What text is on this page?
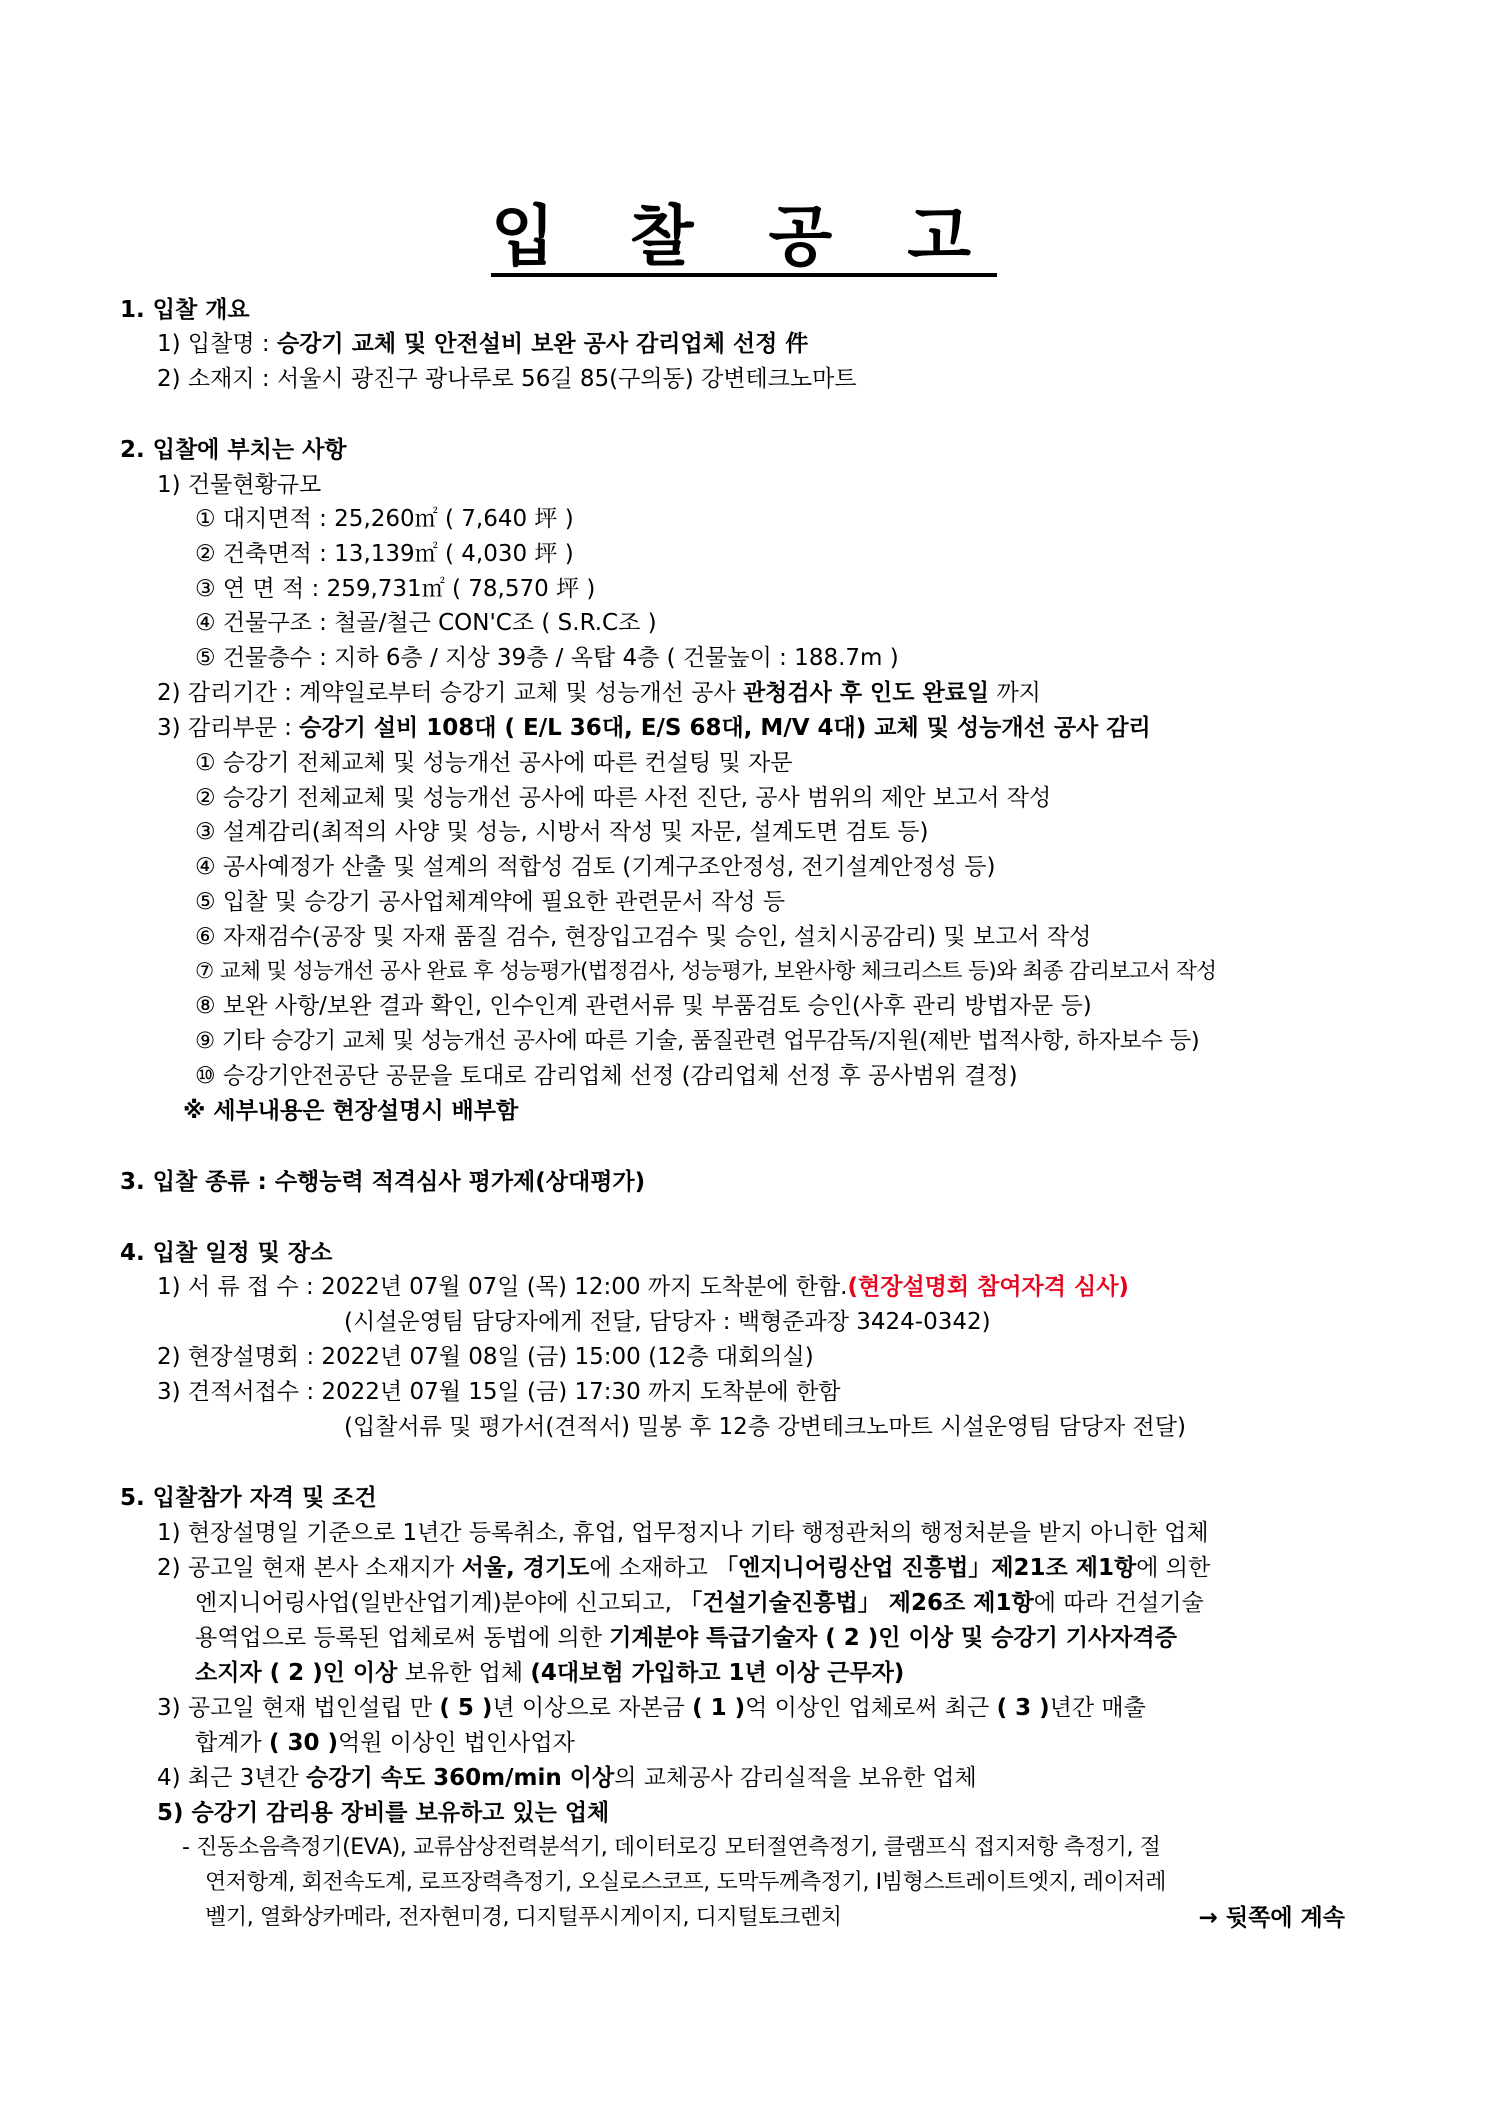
입 찰 공 고
1. 입찰 개요
1) 입찰명 : 승강기 교체 및 안전설비 보완 공사 감리업체 선정 件
2) 소재지 : 서울시 광진구 광나루로 56길 85(구의동) 강변테크노마트
2. 입찰에 부치는 사항
1) 건물현황규모
① 대지면적 : 25,260㎡ ( 7,640 坪 )
② 건축면적 : 13,139㎡ ( 4,030 坪 )
③ 연 면 적 : 259,731㎡ ( 78,570 坪 )
④ 건물구조 : 철골/철근 CON'C조 ( S.R.C조 )
⑤ 건물층수 : 지하 6층 / 지상 39층 / 옥탑 4층 ( 건물높이 : 188.7m )
2) 감리기간 : 계약일로부터 승강기 교체 및 성능개선 공사 관청검사 후 인도 완료일 까지
3) 감리부문 : 승강기 설비 108대 ( E/L 36대, E/S 68대, M/V 4대) 교체 및 성능개선 공사 감리
① 승강기 전체교체 및 성능개선 공사에 따른 컨설팅 및 자문
② 승강기 전체교체 및 성능개선 공사에 따른 사전 진단, 공사 범위의 제안 보고서 작성
③ 설계감리(최적의 사양 및 성능, 시방서 작성 및 자문, 설계도면 검토 등)
④ 공사예정가 산출 및 설계의 적합성 검토 (기계구조안정성, 전기설계안정성 등)
⑤ 입찰 및 승강기 공사업체계약에 필요한 관련문서 작성 등
⑥ 자재검수(공장 및 자재 품질 검수, 현장입고검수 및 승인, 설치시공감리) 및 보고서 작성
⑦ 교체 및 성능개선 공사 완료 후 성능평가(법정검사, 성능평가, 보완사항 체크리스트 등)와 최종 감리보고서 작성
⑧ 보완 사항/보완 결과 확인, 인수인계 관련서류 및 부품검토 승인(사후 관리 방법자문 등)
⑨ 기타 승강기 교체 및 성능개선 공사에 따른 기술, 품질관련 업무감독/지원(제반 법적사항, 하자보수 등)
⑩ 승강기안전공단 공문을 토대로 감리업체 선정 (감리업체 선정 후 공사범위 결정)
※ 세부내용은 현장설명시 배부함
3. 입찰 종류 : 수행능력 적격심사 평가제(상대평가)
4. 입찰 일정 및 장소
1) 서 류 접 수 : 2022년 07월 07일 (목) 12:00 까지 도착분에 한함.(현장설명회 참여자격 심사)
(시설운영팀 담당자에게 전달, 담당자 : 백형준과장 3424-0342)
2) 현장설명회 : 2022년 07월 08일 (금) 15:00 (12층 대회의실)
3) 견적서접수 : 2022년 07월 15일 (금) 17:30 까지 도착분에 한함
(입찰서류 및 평가서(견적서) 밀봉 후 12층 강변테크노마트 시설운영팀 담당자 전달)
5. 입찰참가 자격 및 조건
1) 현장설명일 기준으로 1년간 등록취소, 휴업, 업무정지나 기타 행정관처의 행정처분을 받지 아니한 업체
2) 공고일 현재 본사 소재지가 서울, 경기도에 소재하고 「엔지니어링산업 진흥법」제21조 제1항에 의한
엔지니어링사업(일반산업기계)분야에 신고되고, 「건설기술진흥법」 제26조 제1항에 따라 건설기술
용역업으로 등록된 업체로써 동법에 의한 기계분야 특급기술자 ( 2 )인 이상 및 승강기 기사자격증
소지자 ( 2 )인 이상 보유한 업체 (4대보험 가입하고 1년 이상 근무자)
3) 공고일 현재 법인설립 만 ( 5 )년 이상으로 자본금 ( 1 )억 이상인 업체로써 최근 ( 3 )년간 매출
합계가 ( 30 )억원 이상인 법인사업자
4) 최근 3년간 승강기 속도 360m/min 이상의 교체공사 감리실적을 보유한 업체
5) 승강기 감리용 장비를 보유하고 있는 업체
- 진동소음측정기(EVA), 교류삼상전력분석기, 데이터로깅 모터절연측정기, 클램프식 접지저항 측정기, 절
연저항계, 회전속도계, 로프장력측정기, 오실로스코프, 도막두께측정기, I빔형스트레이트엣지, 레이저레
벨기, 열화상카메라, 전자현미경, 디지털푸시게이지, 디지털토크렌치	→ 뒷쪽에 계속
